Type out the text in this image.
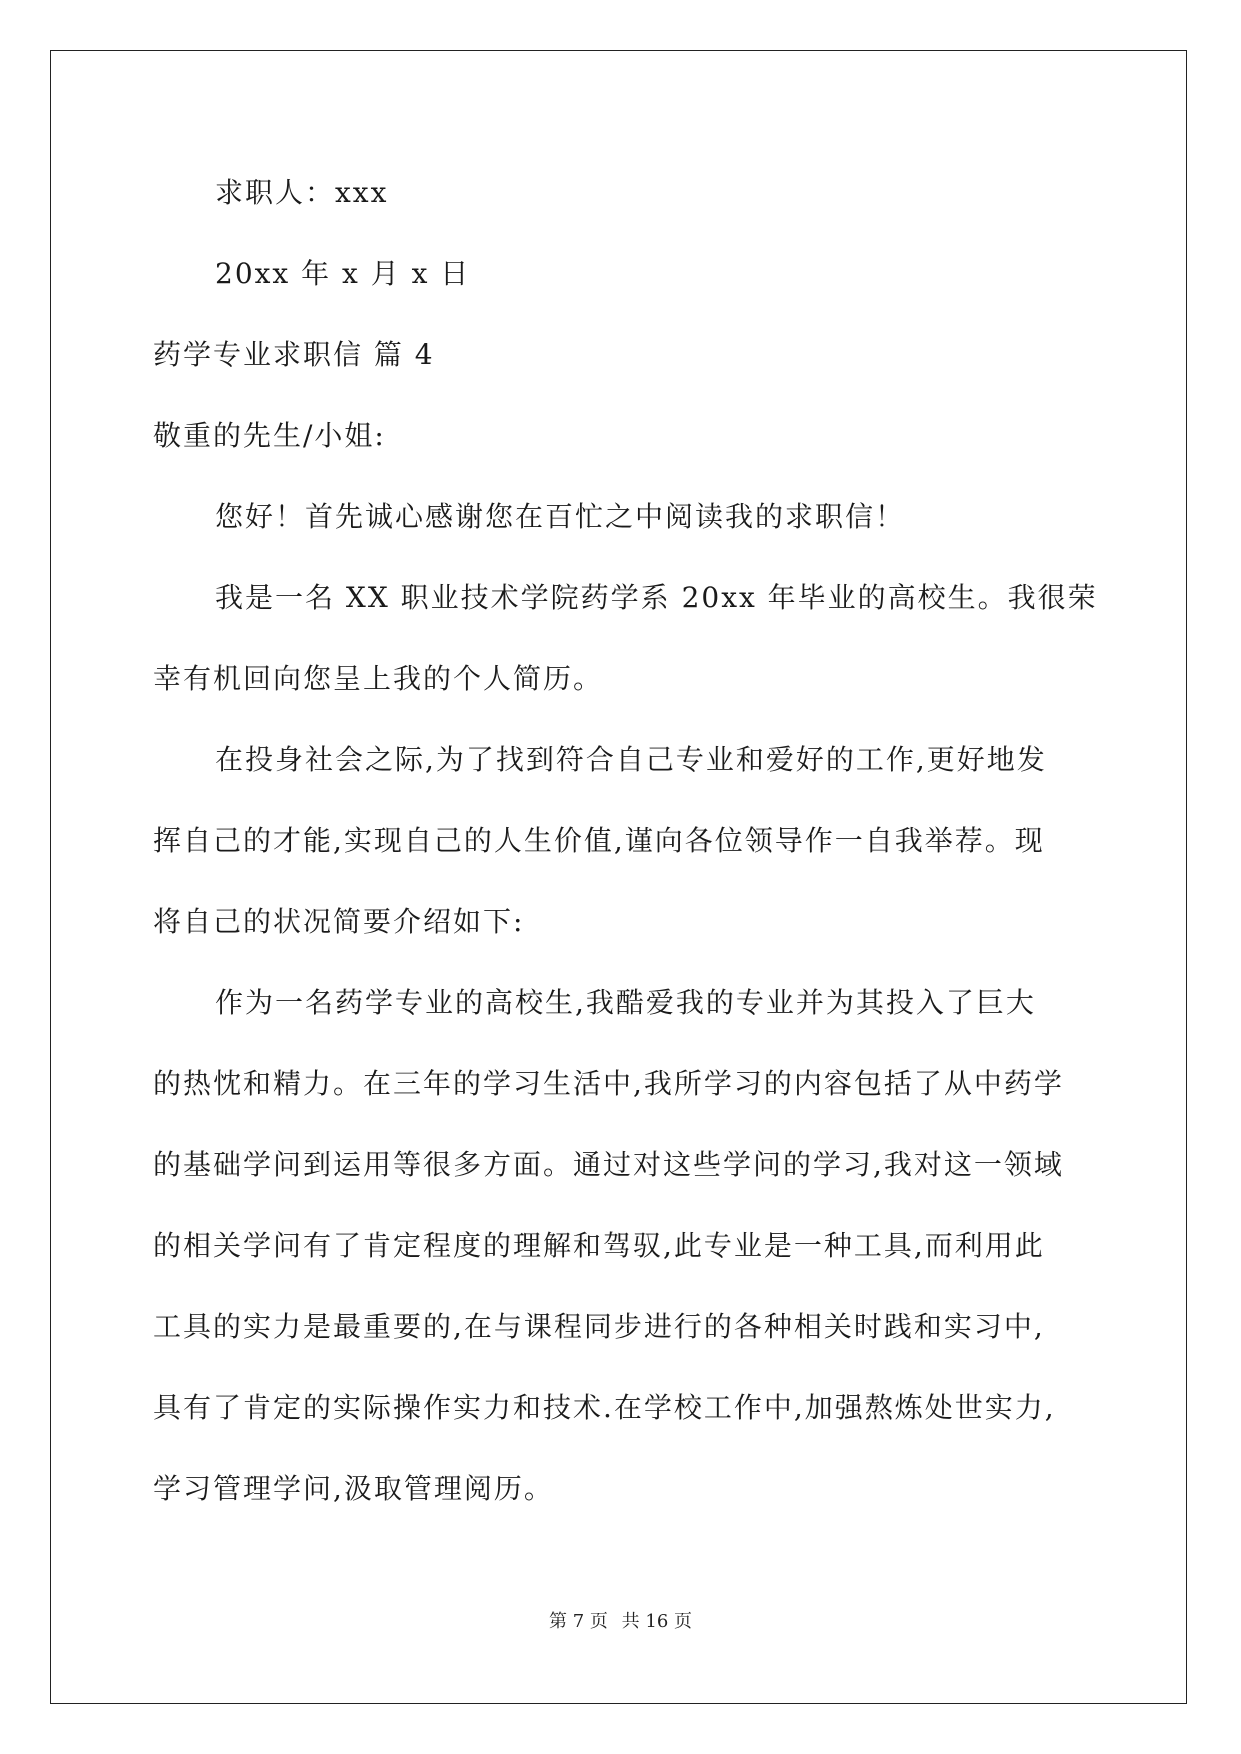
求职人：xxx
20xx 年 x 月 x 日
药学专业求职信 篇 4
敬重的先生/小姐:
您好！首先诚心感谢您在百忙之中阅读我的求职信！
我是一名 XX 职业技术学院药学系 20xx 年毕业的高校生。我很荣
幸有机回向您呈上我的个人简历。
在投身社会之际,为了找到符合自己专业和爱好的工作,更好地发
挥自己的才能,实现自己的人生价值,谨向各位领导作一自我举荐。现
将自己的状况简要介绍如下:
作为一名药学专业的高校生,我酷爱我的专业并为其投入了巨大
的热忱和精力。在三年的学习生活中,我所学习的内容包括了从中药学
的基础学问到运用等很多方面。通过对这些学问的学习,我对这一领域
的相关学问有了肯定程度的理解和驾驭,此专业是一种工具,而利用此
工具的实力是最重要的,在与课程同步进行的各种相关时践和实习中,
具有了肯定的实际操作实力和技术.在学校工作中,加强熬炼处世实力,
学习管理学问,汲取管理阅历。
第 7 页 共 16 页
